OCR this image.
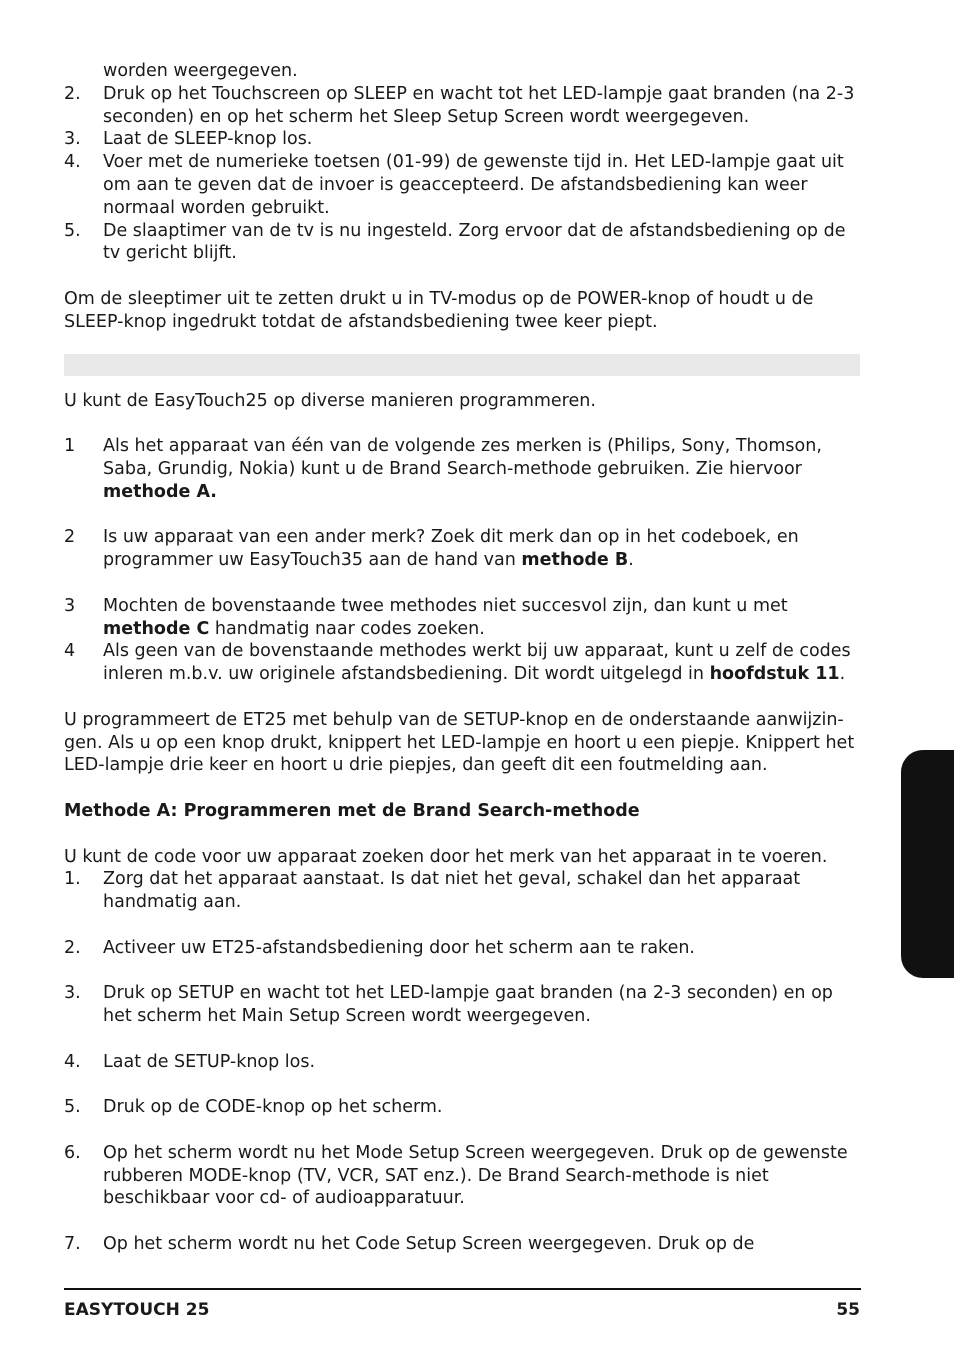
worden weergegeven.
2.	Druk op het Touchscreen op SLEEP en wacht tot het LED-lampje gaat branden (na 2-3 seconden) en op het scherm het Sleep Setup Screen wordt weergegeven.
3.	Laat de SLEEP-knop los.
4.	Voer met de numerieke toetsen (01-99) de gewenste tijd in. Het LED-lampje gaat uit om aan te geven dat de invoer is geaccepteerd. De afstandsbediening kan weer normaal worden gebruikt.
5.	De slaaptimer van de tv is nu ingesteld. Zorg ervoor dat de afstandsbediening op de tv gericht blijft.
Om de sleeptimer uit te zetten drukt u in TV-modus op de POWER-knop of houdt u de SLEEP-knop ingedrukt totdat de afstandsbediening twee keer piept.
U kunt de EasyTouch25 op diverse manieren programmeren.
1	Als het apparaat van één van de volgende zes merken is (Philips, Sony, Thomson, Saba, Grundig, Nokia) kunt u de Brand Search-methode gebruiken. Zie hiervoor methode A.
2	Is uw apparaat van een ander merk? Zoek dit merk dan op in het codeboek, en programmer uw EasyTouch35 aan de hand van methode B.
3	Mochten de bovenstaande twee methodes niet succesvol zijn, dan kunt u met methode C handmatig naar codes zoeken.
4	Als geen van de bovenstaande methodes werkt bij uw apparaat, kunt u zelf de codes inleren m.b.v. uw originele afstandsbediening. Dit wordt uitgelegd in hoofdstuk 11.
U programmeert de ET25 met behulp van de SETUP-knop en de onderstaande aanwijzin-gen. Als u op een knop drukt, knippert het LED-lampje en hoort u een piepje. Knippert het LED-lampje drie keer en hoort u drie piepjes, dan geeft dit een foutmelding aan.
Methode A: Programmeren met de Brand Search-methode
U kunt de code voor uw apparaat zoeken door het merk van het apparaat in te voeren.
1.	Zorg dat het apparaat aanstaat. Is dat niet het geval, schakel dan het apparaat handmatig aan.
2.	Activeer uw ET25-afstandsbediening door het scherm aan te raken.
3.	Druk op SETUP en wacht tot het LED-lampje gaat branden (na 2-3 seconden) en op het scherm het Main Setup Screen wordt weergegeven.
4.	Laat de SETUP-knop los.
5.	Druk op de CODE-knop op het scherm.
6.	Op het scherm wordt nu het Mode Setup Screen weergegeven. Druk op de gewenste rubberen MODE-knop (TV, VCR, SAT enz.). De Brand Search-methode is niet beschikbaar voor cd- of audioapparatuur.
7.	Op het scherm wordt nu het Code Setup Screen weergegeven. Druk op de
EASYTOUCH 25	55
